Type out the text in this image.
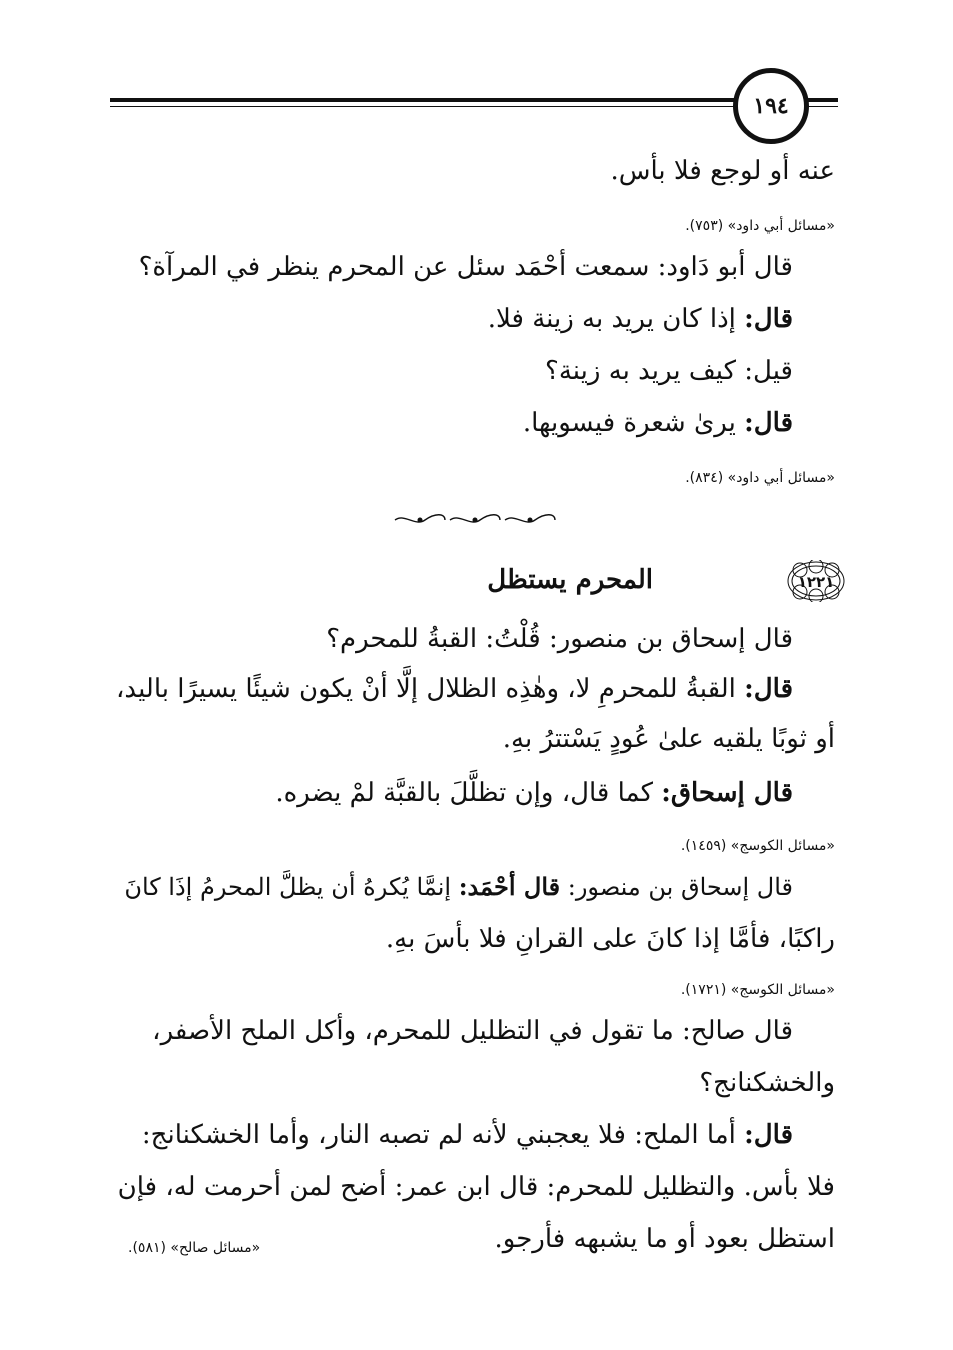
١٩٤
عنه أو لوجع فلا بأس.
«مسائل أبي داود» (٧٥٣).
قال أبو دَاود: سمعت أحْمَد سئل عن المحرم ينظر في المرآة؟
قال: إذا كان يريد به زينة فلا.
قيل: كيف يريد به زينة؟
قال: يرىٰ شعرة فيسويها.
«مسائل أبي داود» (٨٣٤).
١٢٢١
المحرم يستظل
قال إسحاق بن منصور: قُلْتُ: القبةُ للمحرم؟
قال: القبةُ للمحرمِ لا، وهٰذِه الظلال إلَّا أنْ يكون شيئًا يسيرًا باليد،
أو ثوبًا يلقيه علىٰ عُودٍ يَسْتترُ بهِ.
قال إسحاق: كما قال، وإن تظلَّلَ بالقبَّة لمْ يضره.
«مسائل الكوسج» (١٤٥٩).
قال إسحاق بن منصور: قال أحْمَد: إنمَّا يُكرهُ أن يظلَّ المحرمُ إذَا كانَ
راكبًا، فأمَّا إذا كانَ على القرانِ فلا بأسَ بهِ.
«مسائل الكوسج» (١٧٢١).
قال صالح: ما تقول في التظليل للمحرم، وأكل الملح الأصفر،
والخشكنانج؟
قال: أما الملح: فلا يعجبني لأنه لم تصبه النار، وأما الخشكنانج:
فلا بأس. والتظليل للمحرم: قال ابن عمر: أضح لمن أحرمت له، فإن
استظل بعود أو ما يشبهه فأرجو.
«مسائل صالح» (٥٨١).
